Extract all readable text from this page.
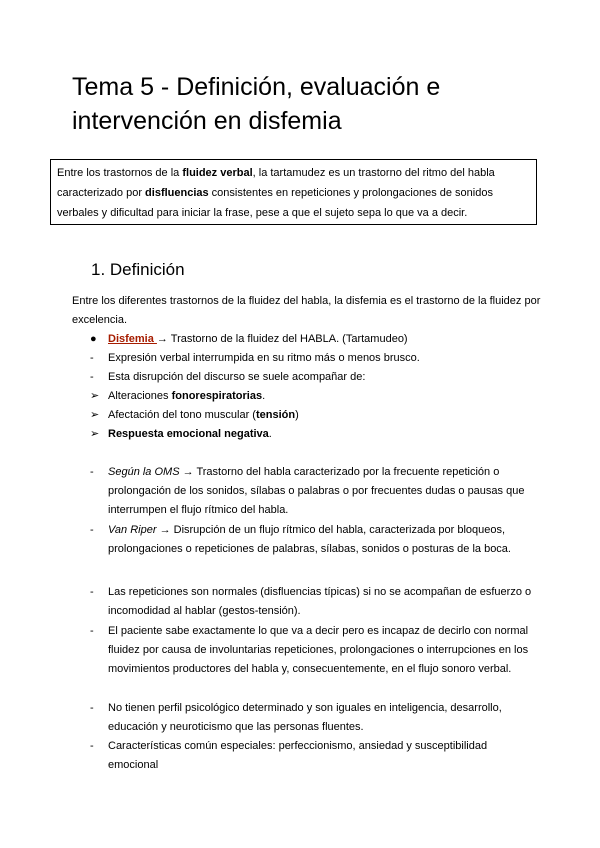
Tema 5 - Definición, evaluación e intervención en disfemia
Entre los trastornos de la fluidez verbal, la tartamudez es un trastorno del ritmo del habla caracterizado por disfluencias consistentes en repeticiones y prolongaciones de sonidos verbales y dificultad para iniciar la frase, pese a que el sujeto sepa lo que va a decir.
1. Definición

Entre los diferentes trastornos de la fluidez del habla, la disfemia es el trastorno de la fluidez por excelencia.

●	Disfemia → Trastorno de la fluidez del HABLA. (Tartamudeo)
-	Expresión verbal interrumpida en su ritmo más o menos brusco.
-	Esta disrupción del discurso se suele acompañar de:
➢ Alteraciones fonorespiratorias.
➢ Afectación del tono muscular (tensión)
➢ Respuesta emocional negativa.
-	Según la OMS → Trastorno del habla caracterizado por la frecuente repetición o prolongación de los sonidos, sílabas o palabras o por frecuentes dudas o pausas que interrumpen el flujo rítmico del habla.
-	Van Riper → Disrupción de un flujo rítmico del habla, caracterizada por bloqueos, prolongaciones o repeticiones de palabras, sílabas, sonidos o posturas de la boca.
-	Las repeticiones son normales (disfluencias típicas) si no se acompañan de esfuerzo o incomodidad al hablar (gestos-tensión).
-	El paciente sabe exactamente lo que va a decir pero es incapaz de decirlo con normal fluidez por causa de involuntarias repeticiones, prolongaciones o interrupciones en los movimientos productores del habla y, consecuentemente, en el flujo sonoro verbal.
-	No tienen perfil psicológico determinado y son iguales en inteligencia, desarrollo, educación y neuroticismo que las personas fluentes.
-	Características común especiales: perfeccionismo, ansiedad y susceptibilidad emocional
